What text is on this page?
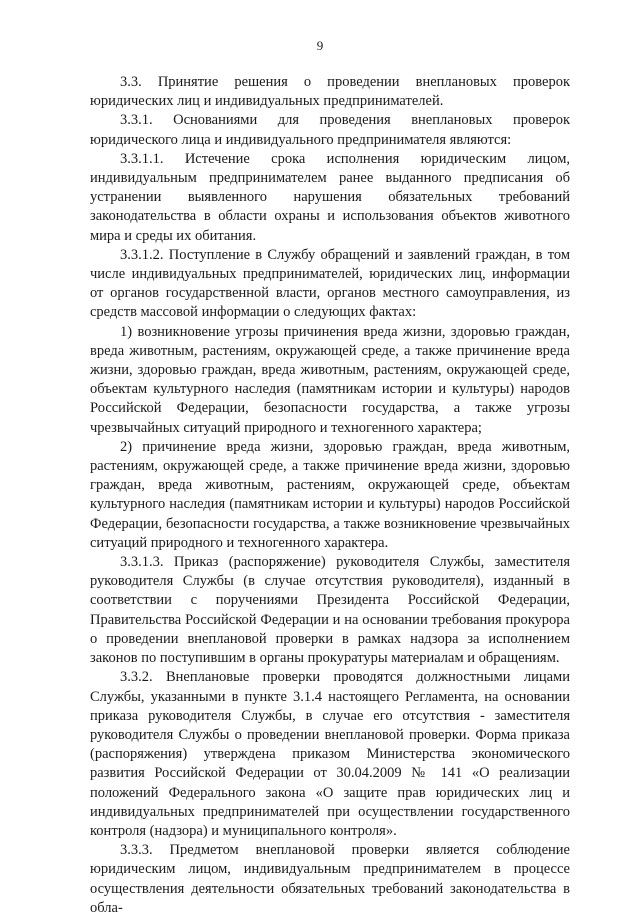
9

3.3. Принятие решения о проведении внеплановых проверок юридических лиц и индивидуальных предпринимателей.

3.3.1. Основаниями для проведения внеплановых проверок юридического лица и индивидуального предпринимателя являются:

3.3.1.1. Истечение срока исполнения юридическим лицом, индивидуальным предпринимателем ранее выданного предписания об устранении выявленного нарушения обязательных требований законодательства в области охраны и использования объектов животного мира и среды их обитания.

3.3.1.2. Поступление в Службу обращений и заявлений граждан, в том числе индивидуальных предпринимателей, юридических лиц, информации от органов государственной власти, органов местного самоуправления, из средств массовой информации о следующих фактах:

1) возникновение угрозы причинения вреда жизни, здоровью граждан, вреда животным, растениям, окружающей среде, а также причинение вреда жизни, здоровью граждан, вреда животным, растениям, окружающей среде, объектам культурного наследия (памятникам истории и культуры) народов Российской Федерации, безопасности государства, а также угрозы чрезвычайных ситуаций природного и техногенного характера;

2) причинение вреда жизни, здоровью граждан, вреда животным, растениям, окружающей среде, а также причинение вреда жизни, здоровью граждан, вреда животным, растениям, окружающей среде, объектам культурного наследия (памятникам истории и культуры) народов Российской Федерации, безопасности государства, а также возникновение чрезвычайных ситуаций природного и техногенного характера.

3.3.1.3. Приказ (распоряжение) руководителя Службы, заместителя руководителя Службы (в случае отсутствия руководителя), изданный в соответствии с поручениями Президента Российской Федерации, Правительства Российской Федерации и на основании требования прокурора о проведении внеплановой проверки в рамках надзора за исполнением законов по поступившим в органы прокуратуры материалам и обращениям.

3.3.2. Внеплановые проверки проводятся должностными лицами Службы, указанными в пункте 3.1.4 настоящего Регламента, на основании приказа руководителя Службы, в случае его отсутствия - заместителя руководителя Службы о проведении внеплановой проверки. Форма приказа (распоряжения) утверждена приказом Министерства экономического развития Российской Федерации от 30.04.2009 № 141 «О реализации положений Федерального закона «О защите прав юридических лиц и индивидуальных предпринимателей при осуществлении государственного контроля (надзора) и муниципального контроля».

3.3.3. Предметом внеплановой проверки является соблюдение юридическим лицом, индивидуальным предпринимателем в процессе осуществления деятельности обязательных требований законодательства в обла-
